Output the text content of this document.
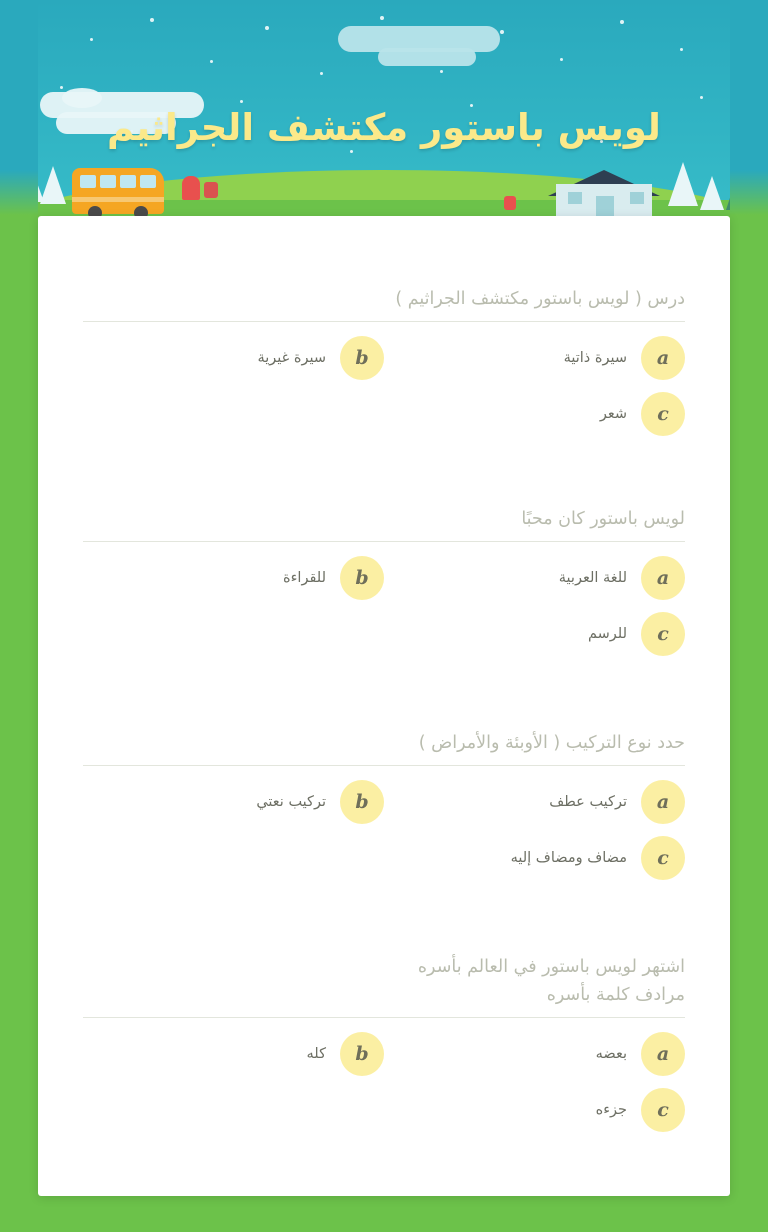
لويس باستور مكتشف الجراثيم
درس ( لويس باستور مكتشف الجراثيم )
a
سيرة ذاتية
b
سيرة غيرية
c
شعر
لويس باستور كان محبًا
a
للغة العربية
b
للقراءة
c
للرسم
حدد نوع التركيب ( الأوبئة والأمراض )
a
تركيب عطف
b
تركيب نعتي
c
مضاف ومضاف إليه
اشتهر لويس باستور في العالم بأسره
مرادف كلمة بأسره
a
بعضه
b
كله
c
جزءه
